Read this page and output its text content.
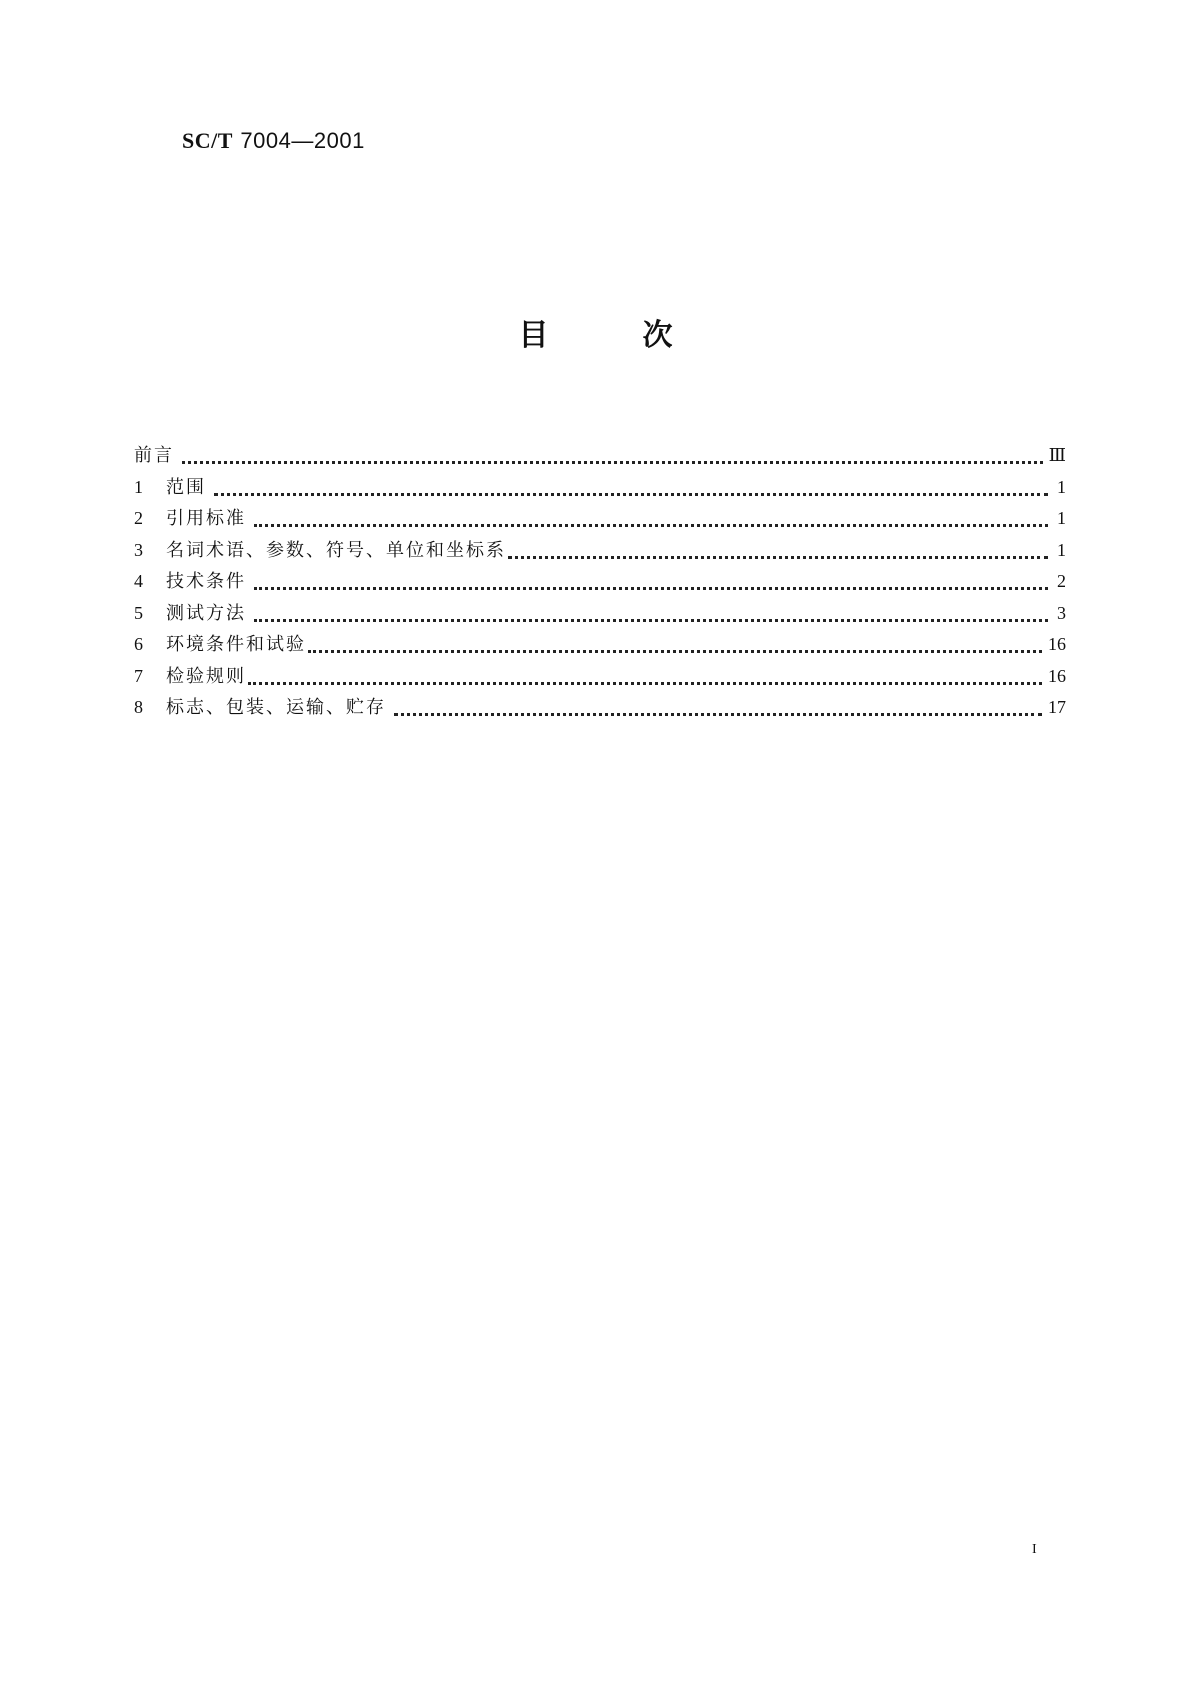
SC/T 7004—2001
目次
前言	Ⅲ
1	范围	1
2	引用标准	1
3	名词术语、参数、符号、单位和坐标系	1
4	技术条件	2
5	测试方法	3
6	环境条件和试验	16
7	检验规则	16
8	标志、包装、运输、贮存	17
I
